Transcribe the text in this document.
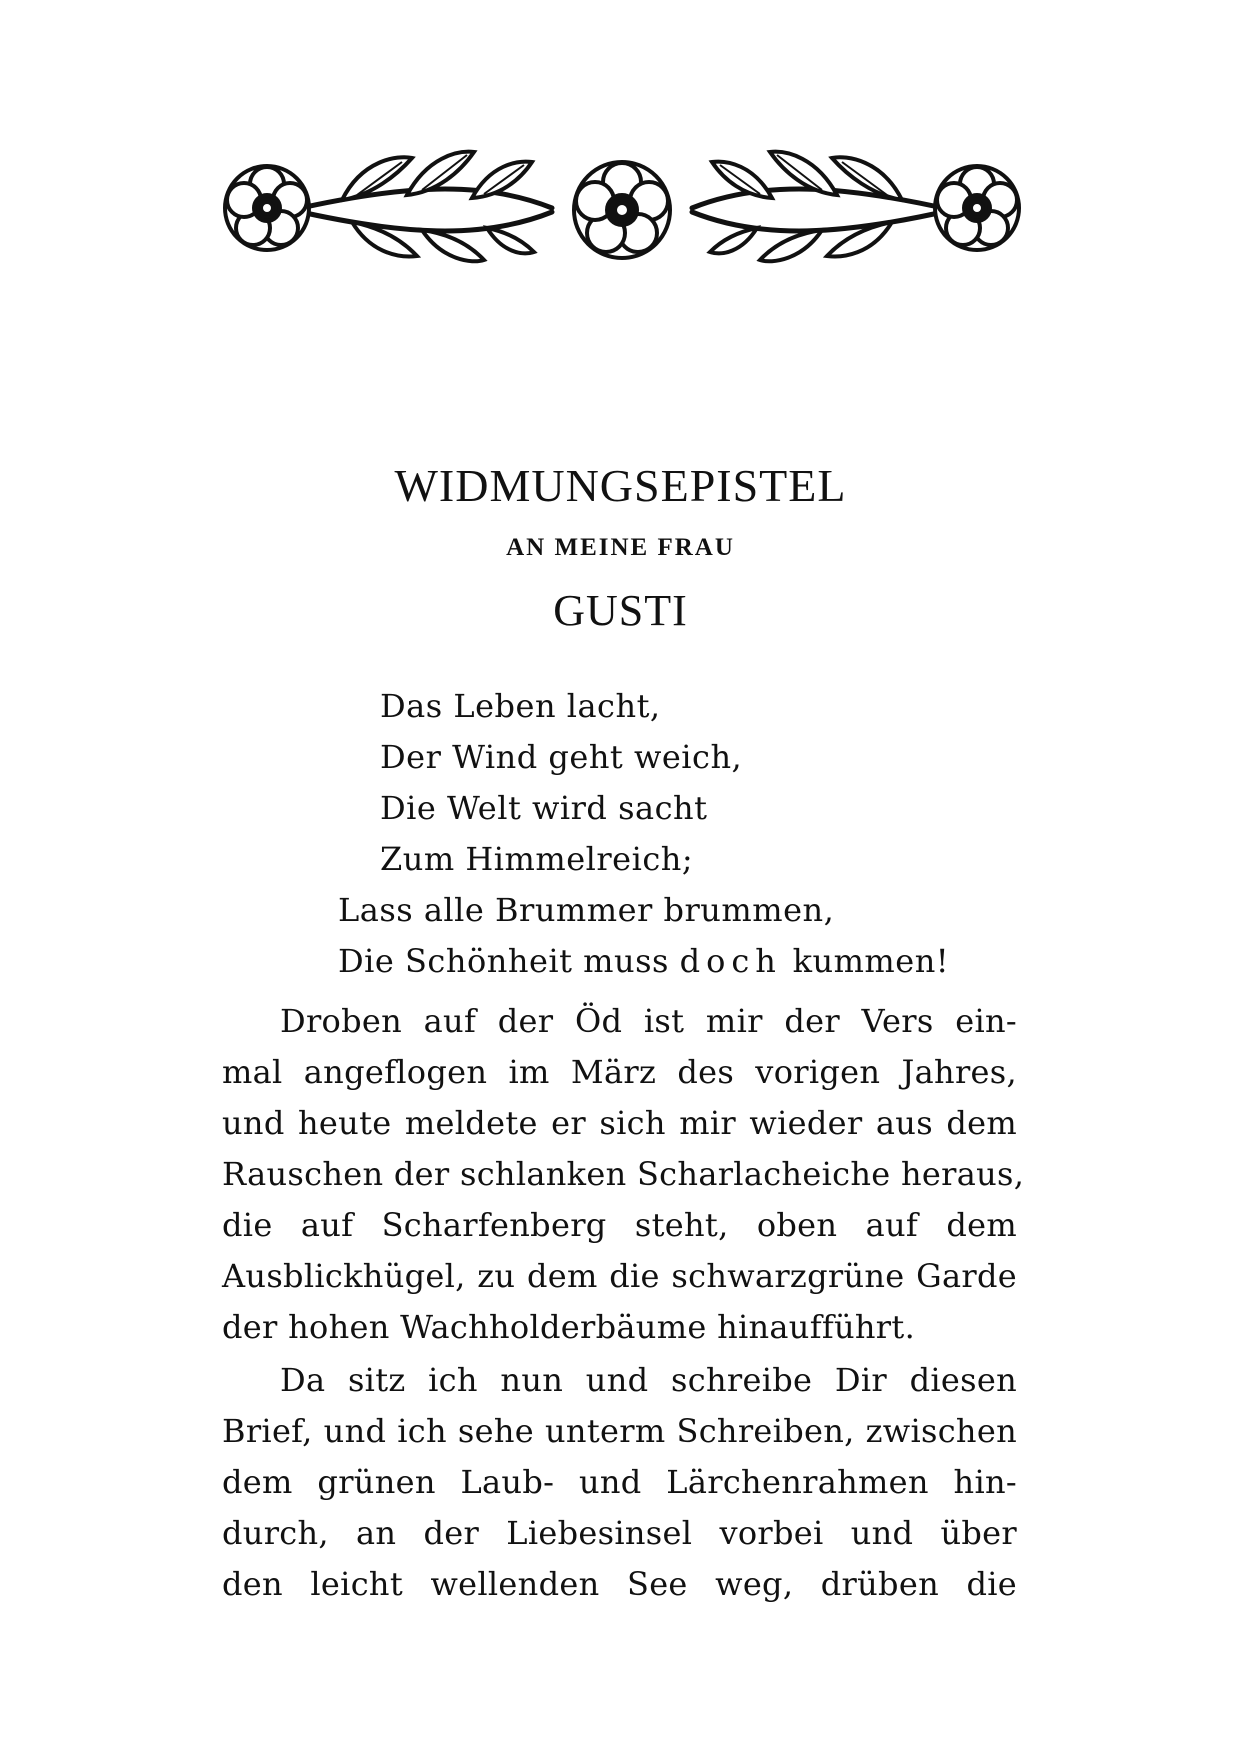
WIDMUNGSEPISTEL
AN MEINE FRAU
GUSTI
Das Leben lacht,
Der Wind geht weich,
Die Welt wird sacht
Zum Himmelreich;
Lass alle Brummer brummen,
Die Schönheit muss doch kummen!
Droben auf der Öd ist mir der Vers ein-
mal angeflogen im März des vorigen Jahres,
und heute meldete er sich mir wieder aus dem
Rauschen der schlanken Scharlacheiche heraus,
die auf Scharfenberg steht, oben auf dem
Ausblickhügel, zu dem die schwarzgrüne Garde
der hohen Wachholderbäume hinaufführt.
Da sitz ich nun und schreibe Dir diesen
Brief, und ich sehe unterm Schreiben, zwischen
dem grünen Laub- und Lärchenrahmen hin-
durch, an der Liebesinsel vorbei und über
den leicht wellenden See weg, drüben die
